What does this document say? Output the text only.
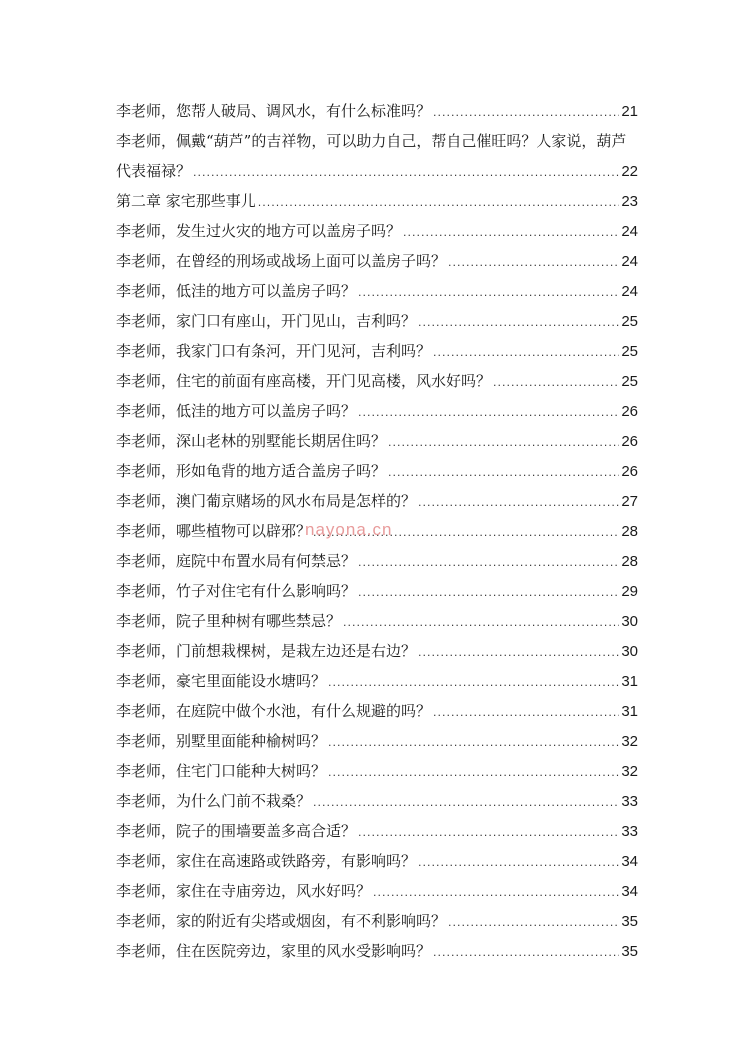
李老师，您帮人破局、调风水，有什么标准吗？ .....	21
李老师，佩戴“葫芦”的吉祥物，可以助力自己，帮自己催旺吗？人家说，葫芦
代表福禄？ .....	22
第二章 家宅那些事儿 .....	23
李老师，发生过火灾的地方可以盖房子吗？ .....	24
李老师，在曾经的刑场或战场上面可以盖房子吗？ .....	24
李老师，低洼的地方可以盖房子吗？ .....	24
李老师，家门口有座山，开门见山，吉利吗？ .....	25
李老师，我家门口有条河，开门见河，吉利吗？ .....	25
李老师，住宅的前面有座高楼，开门见高楼，风水好吗？ .....	25
李老师，低洼的地方可以盖房子吗？ .....	26
李老师，深山老林的别墅能长期居住吗？ .....	26
李老师，形如龟背的地方适合盖房子吗？ .....	26
李老师，澳门葡京赌场的风水布局是怎样的？ .....	27
李老师，哪些植物可以辟邪？ .....	28
李老师，庭院中布置水局有何禁忌？ .....	28
李老师，竹子对住宅有什么影响吗？ .....	29
李老师，院子里种树有哪些禁忌？ .....	30
李老师，门前想栽棵树，是栽左边还是右边？ .....	30
李老师，豪宅里面能设水塘吗？ .....	31
李老师，在庭院中做个水池，有什么规避的吗？ .....	31
李老师，别墅里面能种榆树吗？ .....	32
李老师，住宅门口能种大树吗？ .....	32
李老师，为什么门前不栽桑？ .....	33
李老师，院子的围墙要盖多高合适？ .....	33
李老师，家住在高速路或铁路旁，有影响吗？ .....	34
李老师，家住在寺庙旁边，风水好吗？ .....	34
李老师，家的附近有尖塔或烟囱，有不利影响吗？ .....	35
李老师，住在医院旁边，家里的风水受影响吗？ .....	35
nayona.cn
